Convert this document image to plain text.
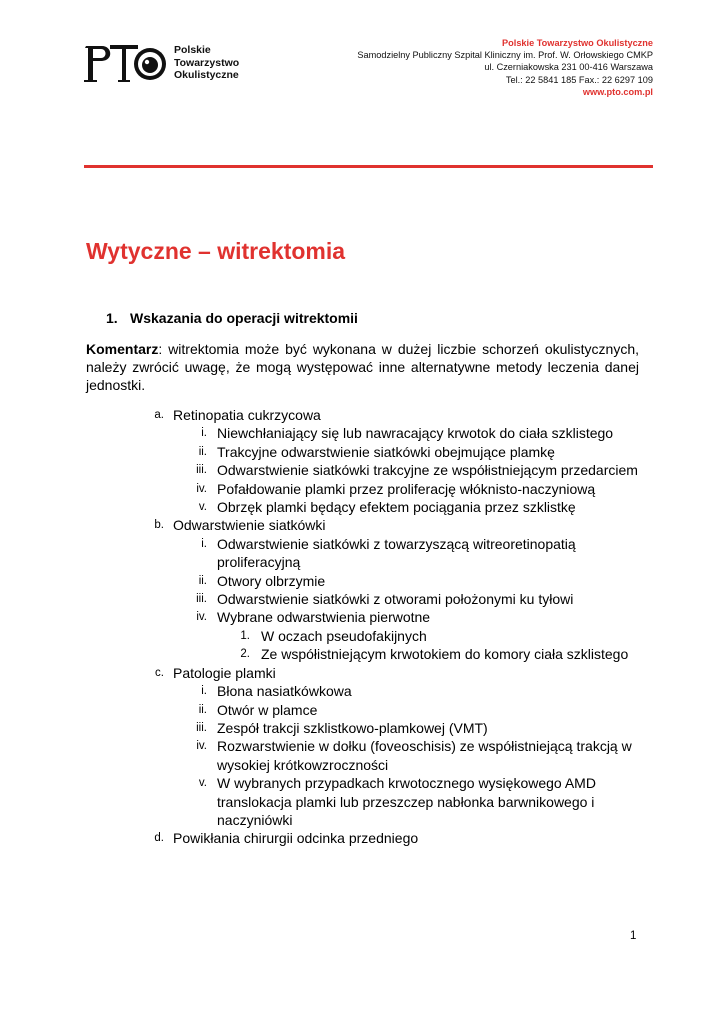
PTO
Polskie
Towarzystwo
Okulistyczne
Polskie Towarzystwo Okulistyczne
Samodzielny Publiczny Szpital Kliniczny im. Prof. W. Orłowskiego CMKP
ul. Czerniakowska 231 00-416 Warszawa
Tel.: 22 5841 185 Fax.: 22 6297 109
www.pto.com.pl
Wytyczne – witrektomia
1. Wskazania do operacji witrektomii
Komentarz: witrektomia może być wykonana w dużej liczbie schorzeń okulistycznych, należy zwrócić uwagę, że mogą występować inne alternatywne metody leczenia danej jednostki.
a. Retinopatia cukrzycowa
i. Niewchłaniający się lub nawracający krwotok do ciała szklistego
ii. Trakcyjne odwarstwienie siatkówki obejmujące plamkę
iii. Odwarstwienie siatkówki trakcyjne ze współistniejącym przedarciem
iv. Pofałdowanie plamki przez proliferację włóknisto-naczyniową
v. Obrzęk plamki będący efektem pociągania przez szklistkę
b. Odwarstwienie siatkówki
i. Odwarstwienie siatkówki z towarzyszącą witreoretinopatią proliferacyjną
ii. Otwory olbrzymie
iii. Odwarstwienie siatkówki z otworami położonymi ku tyłowi
iv. Wybrane odwarstwienia pierwotne
1. W oczach pseudofakijnych
2. Ze współistniejącym krwotokiem do komory ciała szklistego
c. Patologie plamki
i. Błona nasiatkówkowa
ii. Otwór w plamce
iii. Zespół trakcji szklistkowo-plamkowej (VMT)
iv. Rozwarstwienie w dołku (foveoschisis) ze współistniejącą trakcją w wysokiej krótkowzroczności
v. W wybranych przypadkach krwotocznego wysiękowego AMD translokacja plamki lub przeszczep nabłonka barwnikowego i naczyniówki
d. Powikłania chirurgii odcinka przedniego
1
